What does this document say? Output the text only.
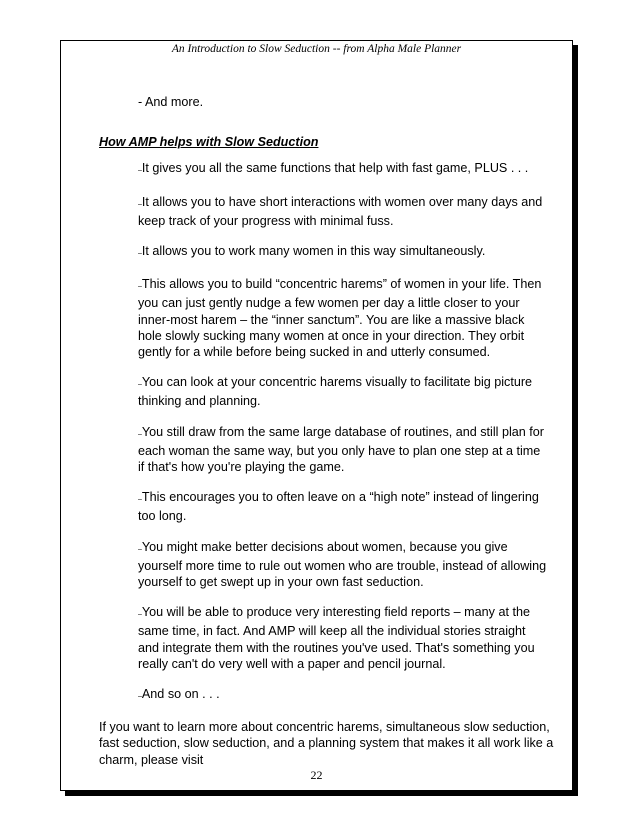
An Introduction to Slow Seduction -- from Alpha Male Planner

- And more.

How AMP helps with Slow Seduction

–It gives you all the same functions that help with fast game, PLUS . . .

–It allows you to have short interactions with women over many days and keep track of your progress with minimal fuss.

–It allows you to work many women in this way simultaneously.

–This allows you to build “concentric harems” of women in your life. Then you can just gently nudge a few women per day a little closer to your inner-most harem – the “inner sanctum”. You are like a massive black hole slowly sucking many women at once in your direction. They orbit gently for a while before being sucked in and utterly consumed.

–You can look at your concentric harems visually to facilitate big picture thinking and planning.

–You still draw from the same large database of routines, and still plan for each woman the same way, but you only have to plan one step at a time if that's how you're playing the game.

–This encourages you to often leave on a “high note” instead of lingering too long.

–You might make better decisions about women, because you give yourself more time to rule out women who are trouble, instead of allowing yourself to get swept up in your own fast seduction.

–You will be able to produce very interesting field reports – many at the same time, in fact. And AMP will keep all the individual stories straight and integrate them with the routines you've used. That's something you really can't do very well with a paper and pencil journal.

–And so on . . .

If you want to learn more about concentric harems, simultaneous slow seduction, fast seduction, slow seduction, and a planning system that makes it all work like a charm, please visit

22
